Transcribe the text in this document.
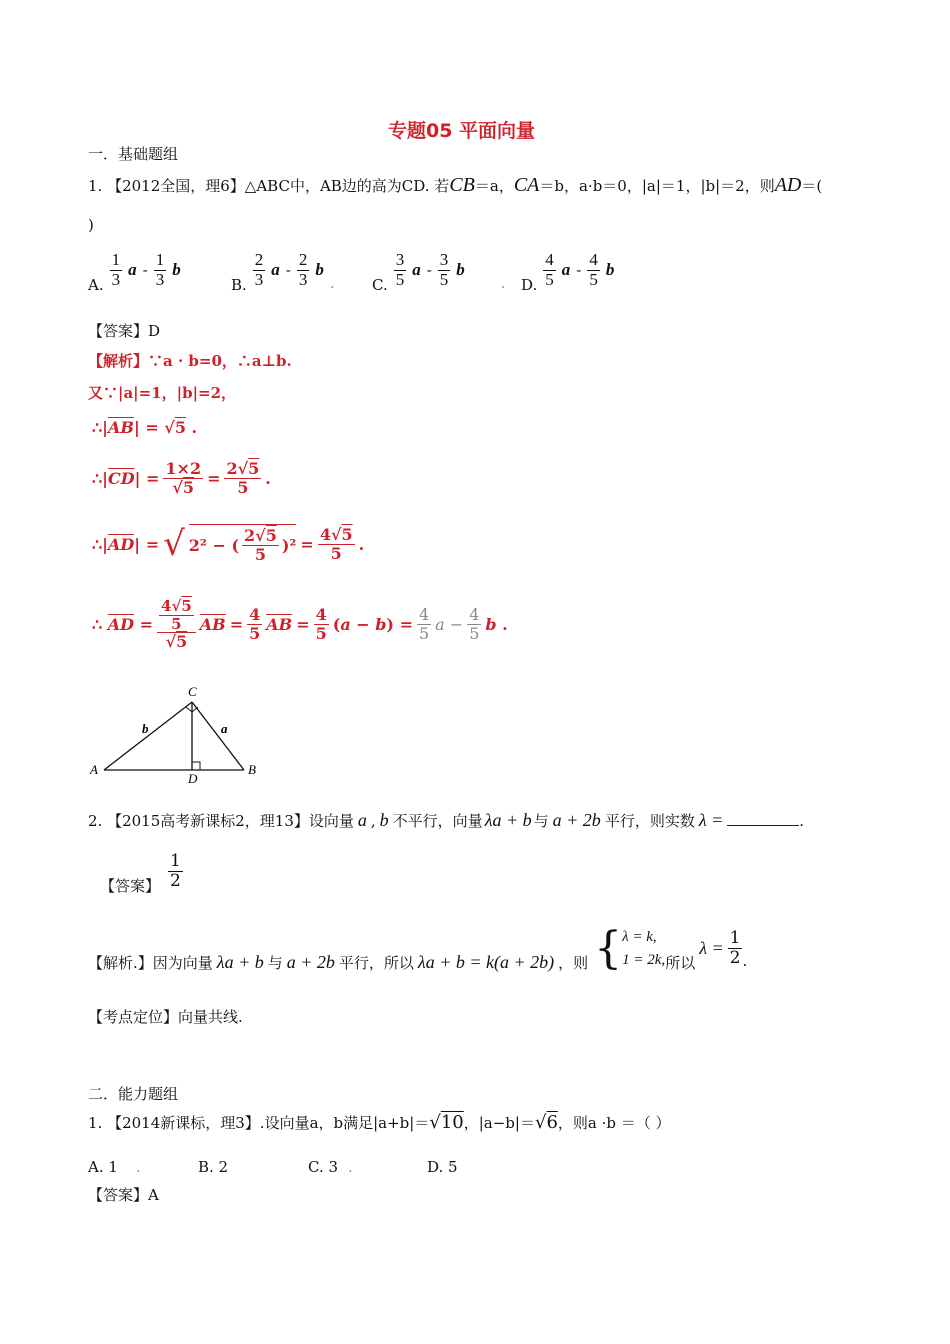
专题05 平面向量
一．基础题组
1. 【2012全国，理6】△ABC中，AB边的高为CD. 若CB＝a，CA＝b，a·b＝0，|a|＝1，|b|＝2，则AD＝(
)
A. $\frac{1}{3}$ a - $\frac{1}{3}$ b
B. $\frac{2}{3}$ a - $\frac{2}{3}$ b
. C. $\frac{3}{5}$ a - $\frac{3}{5}$ b
. D. $\frac{4}{5}$ a - $\frac{4}{5}$ b
【答案】D
【解析】∵a · b=0，∴a⊥b.
又∵|a|=1，|b|=2，
$\therefore|\overline{AB}| = √5$ .
$\therefore|\overline{CD}| = \frac{1\times 2}{√5} = \frac{2√5}{5}$ .
$\therefore|\overline{AD}|$ = √ 2² − ( $\frac{2√5}{5} )^2 = \frac{4√5}{5}$ .
∴ $\overline{AD} = \frac{\frac{4√5}{5}}{√5} \overline{AB} = \frac{4}{5} \overline{AB} = \frac{4}{5} (a - b) = \frac{4}{5}$ $a - \frac{4}{5}$ b .
C
A	B
D
b	a
2. 【2015高考新课标2，理13】设向量 a , b 不平行，向量 λa + b 与 a + 2b 平行，则实数 λ =	.
【答案】 $\frac{1}{2}$
【解析.】因为向量 λa + b 与 a + 2b 平行，所以 λa + b = k(a + 2b) ，则 { λ = k,
1 = 2k, 所以
$\lambda = \frac{1}{2}$ .
【考点定位】向量共线.
二．能力题组
1. 【2014新课标，理3】.设向量a，b满足|a+b|＝ √10 ，|a−b|＝ √6 ，则a ·b ＝（ ）
A. 1 .	B. 2	C. 3 .	D. 5
【答案】A
